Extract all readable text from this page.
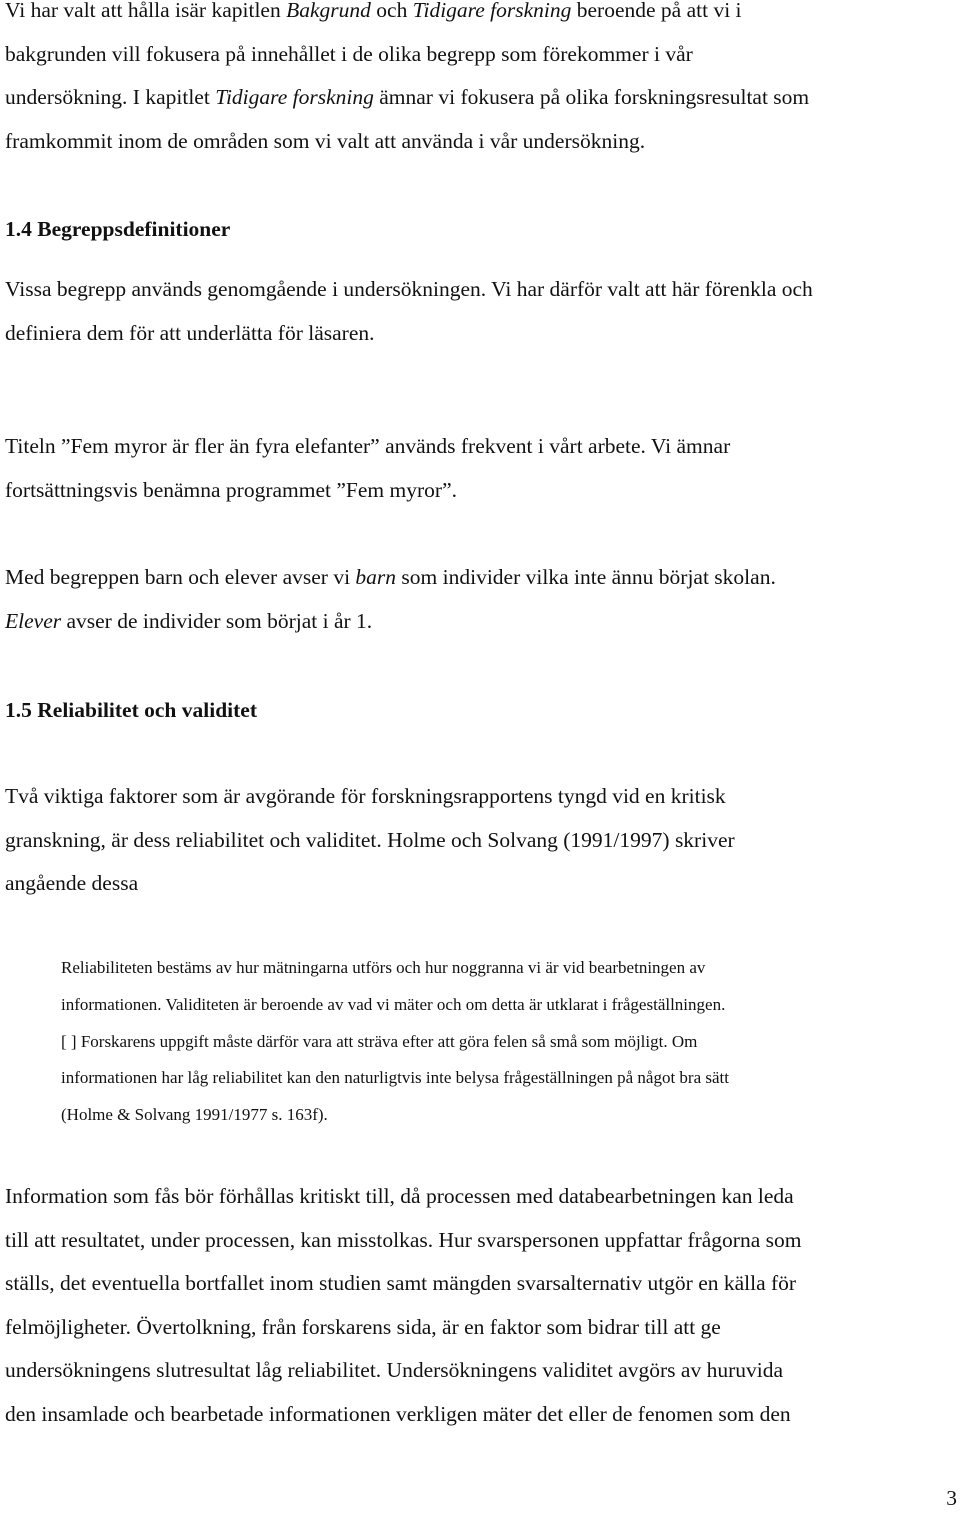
Vi har valt att hålla isär kapitlen Bakgrund och Tidigare forskning beroende på att vi i
bakgrunden vill fokusera på innehållet i de olika begrepp som förekommer i vår
undersökning. I kapitlet Tidigare forskning ämnar vi fokusera på olika forskningsresultat som
framkommit inom de områden som vi valt att använda i vår undersökning.
1.4 Begreppsdefinitioner
Vissa begrepp används genomgående i undersökningen. Vi har därför valt att här förenkla och
definiera dem för att underlätta för läsaren.
Titeln ”Fem myror är fler än fyra elefanter” används frekvent i vårt arbete. Vi ämnar
fortsättningsvis benämna programmet ”Fem myror”.
Med begreppen barn och elever avser vi barn som individer vilka inte ännu börjat skolan.
Elever avser de individer som börjat i år 1.
1.5 Reliabilitet och validitet
Två viktiga faktorer som är avgörande för forskningsrapportens tyngd vid en kritisk
granskning, är dess reliabilitet och validitet. Holme och Solvang (1991/1997) skriver
angående dessa
Reliabiliteten bestäms av hur mätningarna utförs och hur noggranna vi är vid bearbetningen av
informationen. Validiteten är beroende av vad vi mäter och om detta är utklarat i frågeställningen.
[ ] Forskarens uppgift måste därför vara att sträva efter att göra felen så små som möjligt. Om
informationen har låg reliabilitet kan den naturligtvis inte belysa frågeställningen på något bra sätt
(Holme & Solvang 1991/1977 s. 163f).
Information som fås bör förhållas kritiskt till, då processen med databearbetningen kan leda
till att resultatet, under processen, kan misstolkas. Hur svarspersonen uppfattar frågorna som
ställs, det eventuella bortfallet inom studien samt mängden svarsalternativ utgör en källa för
felmöjligheter. Övertolkning, från forskarens sida, är en faktor som bidrar till att ge
undersökningens slutresultat låg reliabilitet. Undersökningens validitet avgörs av huruvida
den insamlade och bearbetade informationen verkligen mäter det eller de fenomen som den
3
